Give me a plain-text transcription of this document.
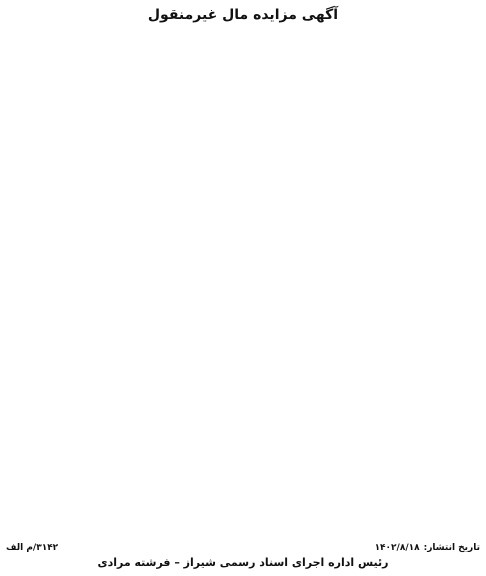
آگهی مزایده مال غیرمنقول
تاریخ انتشار:
۱۴۰۲/۸/۱۸
۳۱۴۲/م الف
رئیس اداره اجرای اسناد رسمی شیراز – فرشته مرادی
